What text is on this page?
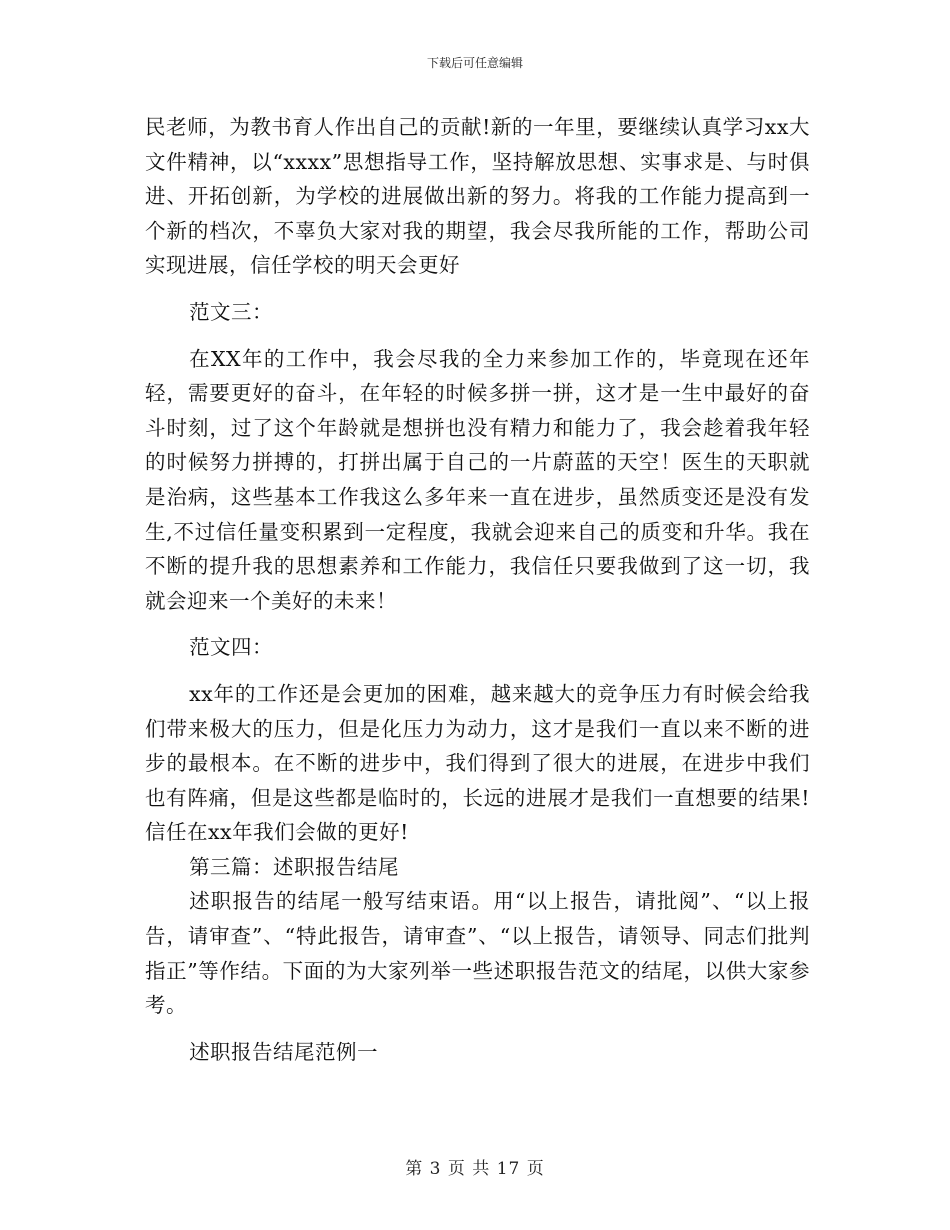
下载后可任意编辑

民老师，为教书育人作出自己的贡献!新的一年里，要继续认真学习xx大文件精神，以“xxxx”思想指导工作，坚持解放思想、实事求是、与时俱进、开拓创新，为学校的进展做出新的努力。将我的工作能力提高到一个新的档次，不辜负大家对我的期望，我会尽我所能的工作，帮助公司实现进展，信任学校的明天会更好

范文三：

在XX年的工作中，我会尽我的全力来参加工作的，毕竟现在还年轻，需要更好的奋斗，在年轻的时候多拼一拼，这才是一生中最好的奋斗时刻，过了这个年龄就是想拼也没有精力和能力了，我会趁着我年轻的时候努力拼搏的，打拼出属于自己的一片蔚蓝的天空！医生的天职就是治病，这些基本工作我这么多年来一直在进步，虽然质变还是没有发生,不过信任量变积累到一定程度，我就会迎来自己的质变和升华。我在不断的提升我的思想素养和工作能力，我信任只要我做到了这一切，我就会迎来一个美好的未来！

范文四：

xx年的工作还是会更加的困难，越来越大的竞争压力有时候会给我们带来极大的压力，但是化压力为动力，这才是我们一直以来不断的进步的最根本。在不断的进步中，我们得到了很大的进展，在进步中我们也有阵痛，但是这些都是临时的，长远的进展才是我们一直想要的结果!信任在xx年我们会做的更好!

第三篇：述职报告结尾

述职报告的结尾一般写结束语。用“以上报告，请批阅”、“以上报告，请审查”、“特此报告，请审查”、“以上报告，请领导、同志们批判指正”等作结。下面的为大家列举一些述职报告范文的结尾，以供大家参考。

述职报告结尾范例一

第 3 页 共 17 页
